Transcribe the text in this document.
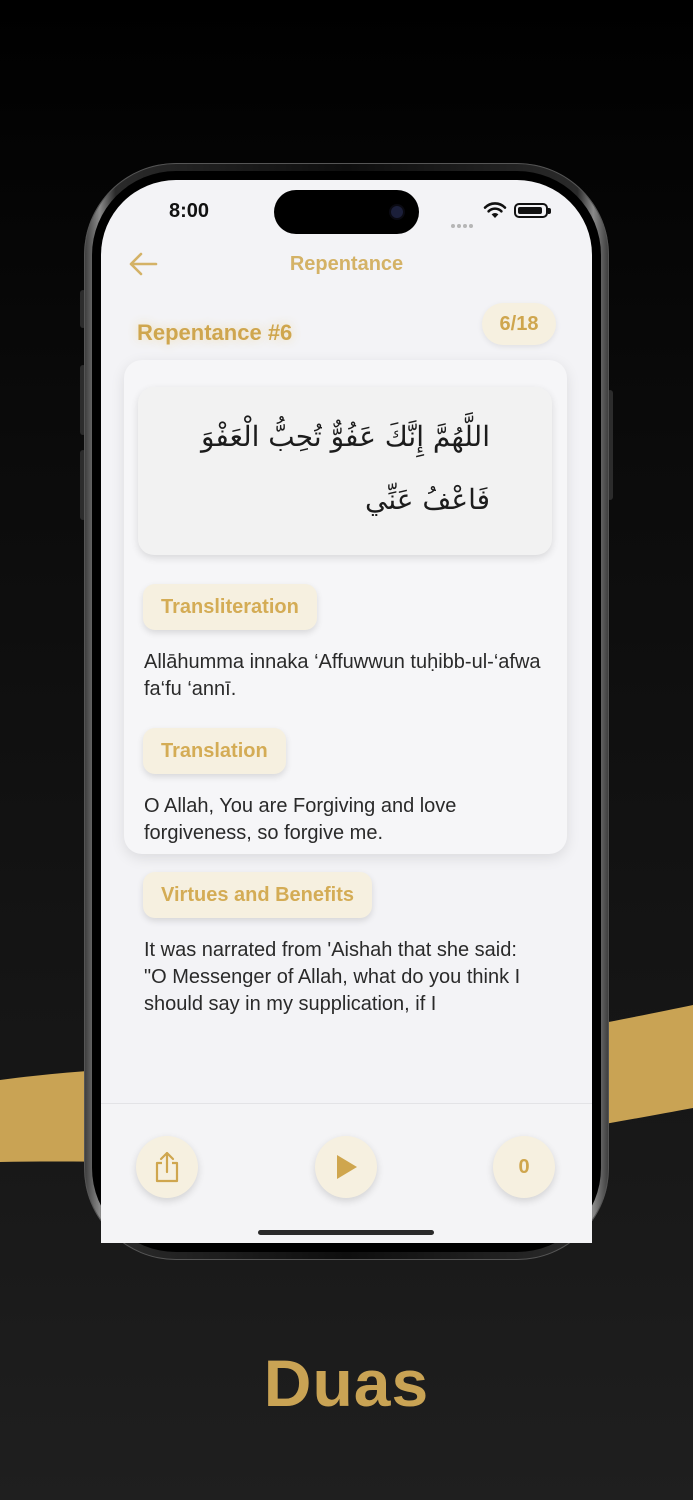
8:00
Repentance
Repentance #6	6/18
اللَّهُمَّ إِنَّكَ عَفُوٌّ تُحِبُّ الْعَفْوَ
فَاعْفُ عَنِّي
Transliteration
Allāhumma innaka ‘Affuwwun tuḥibb-ul-‘afwa fa‘fu ‘annī.
Translation
O Allah, You are Forgiving and love forgiveness, so forgive me.
Virtues and Benefits
It was narrated from 'Aishah that she said:
"O Messenger of Allah, what do you think I should say in my supplication, if I
0
Duas
